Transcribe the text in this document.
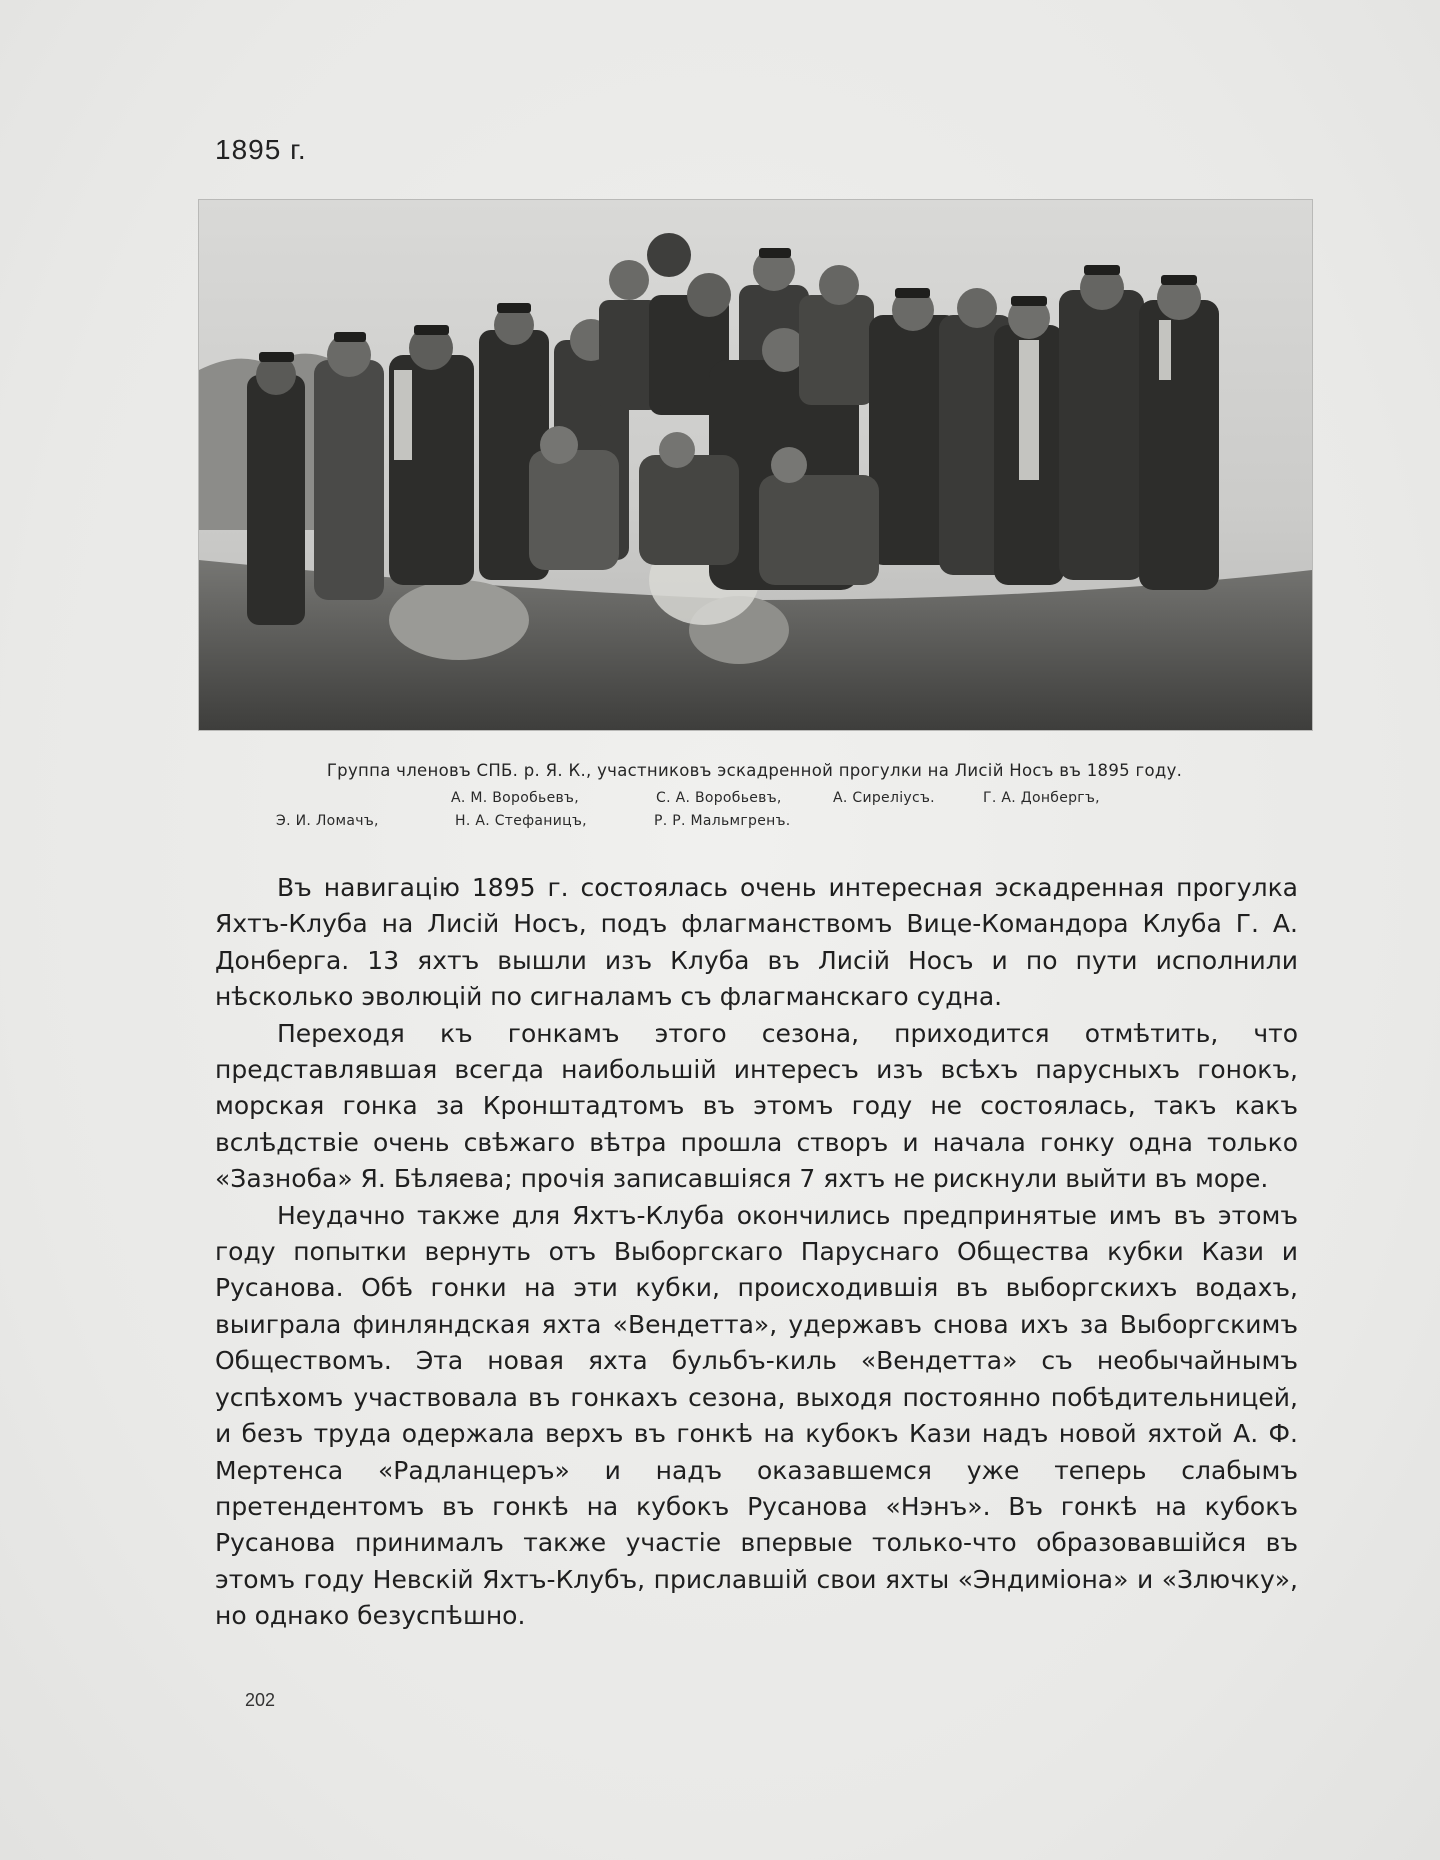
1895 г.
Группа членовъ СПБ. р. Я. К., участниковъ эскадренной прогулки на Лисій Носъ въ 1895 году.
А. М. Воробьевъ,	С. А. Воробьевъ,	А. Сиреліусъ.	Г. А. Донбергъ,
Э. И. Ломачъ,	Н. А. Стефаницъ,	Р. Р. Мальмгренъ.

Въ навигацію 1895 г. состоялась очень интересная эскадренная прогулка Яхтъ-Клуба на Лисій Носъ, подъ флагманствомъ Вице-Командора Клуба Г. А. Донберга. 13 яхтъ вышли изъ Клуба въ Лисій Носъ и по пути исполнили нѣсколько эволюцій по сигналамъ съ флагманскаго судна.

Переходя къ гонкамъ этого сезона, приходится отмѣтить, что представлявшая всегда наибольшій интересъ изъ всѣхъ парусныхъ гонокъ, морская гонка за Кронштадтомъ въ этомъ году не состоялась, такъ какъ вслѣдствіе очень свѣжаго вѣтра прошла створъ и начала гонку одна только «Зазноба» Я. Бѣляева; прочія записавшіяся 7 яхтъ не рискнули выйти въ море.

Неудачно также для Яхтъ-Клуба окончились предпринятые имъ въ этомъ году попытки вернуть отъ Выборгскаго Паруснаго Общества кубки Кази и Русанова. Обѣ гонки на эти кубки, происходившія въ выборгскихъ водахъ, выиграла финляндская яхта «Вендетта», удержавъ снова ихъ за Выборгскимъ Обществомъ. Эта новая яхта бульбъ-киль «Вендетта» съ необычайнымъ успѣхомъ участвовала въ гонкахъ сезона, выходя постоянно побѣдительницей, и безъ труда одержала верхъ въ гонкѣ на кубокъ Кази надъ новой яхтой А. Ф. Мертенса «Радланцеръ» и надъ оказавшемся уже теперь слабымъ претендентомъ въ гонкѣ на кубокъ Русанова «Нэнъ». Въ гонкѣ на кубокъ Русанова принималъ также участіе впервые только-что образовавшійся въ этомъ году Невскій Яхтъ-Клубъ, приславшій свои яхты «Эндиміона» и «Злючку», но однако безуспѣшно.

202
